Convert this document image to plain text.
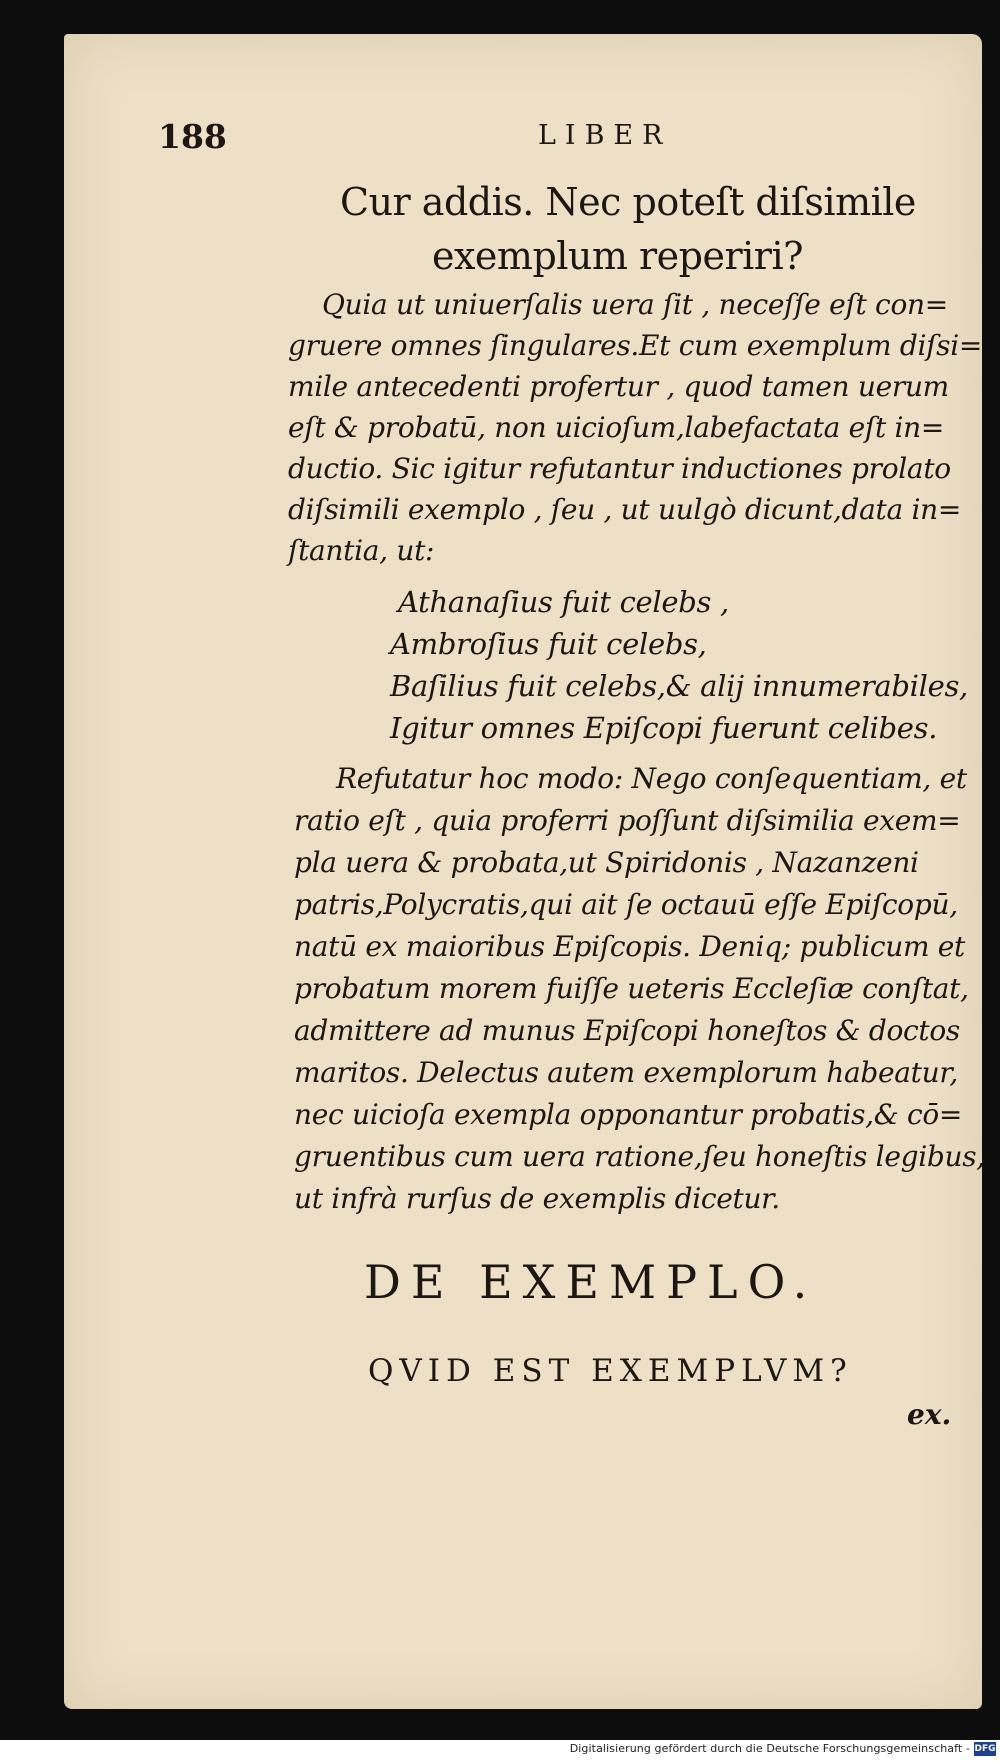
188	LIBER
Cur addis. Nec poteſt diſsimile
exemplum reperiri?
Quia ut uniuerſalis uera ſit , neceſſe eſt con=
gruere omnes ſingulares.Et cum exemplum diſsi=
mile antecedenti profertur , quod tamen uerum
eſt & probatū, non uicioſum,labefactata eſt in=
ductio. Sic igitur refutantur inductiones prolato
diſsimili exemplo , ſeu , ut uulgò dicunt,data in=
ſtantia, ut:
Athanaſius fuit celebs ,
Ambroſius fuit celebs,
Baſilius fuit celebs,& alij innumerabiles,
Igitur omnes Epiſcopi fuerunt celibes.
Refutatur hoc modo: Nego conſequentiam, et
ratio eſt , quia proferri poſſunt diſsimilia exem=
pla uera & probata,ut Spiridonis , Nazanzeni
patris,Polycratis,qui ait ſe octauū eſſe Epiſcopū,
natū ex maioribus Epiſcopis. Deniq; publicum et
probatum morem fuiſſe ueteris Eccleſiæ conſtat,
admittere ad munus Epiſcopi honeſtos & doctos
maritos. Delectus autem exemplorum habeatur,
nec uicioſa exempla opponantur probatis,& cō=
gruentibus cum uera ratione,ſeu honeſtis legibus,
ut infrà rurſus de exemplis dicetur.
DE EXEMPLO.
QVID EST EXEMPLVM?
ex.
Digitalisierung gefördert durch die Deutsche Forschungsgemeinschaft - DFG
